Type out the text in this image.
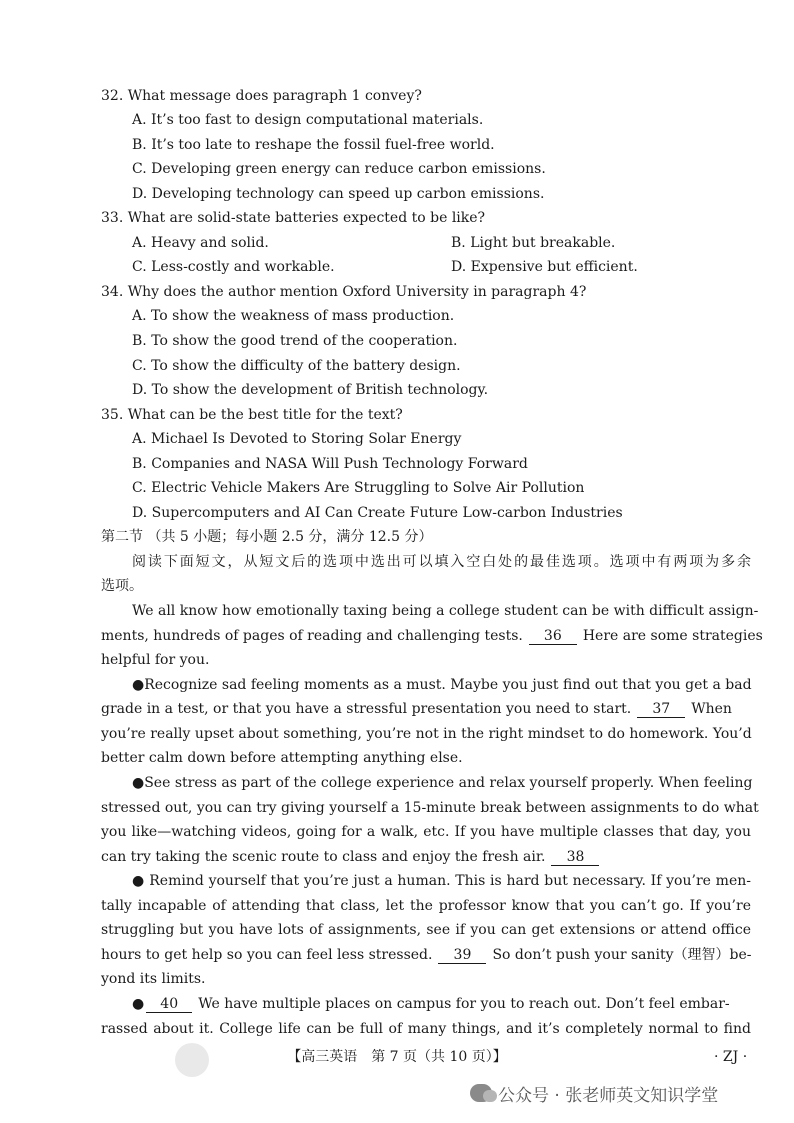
32. What message does paragraph 1 convey?
A. It’s too fast to design computational materials.
B. It’s too late to reshape the fossil fuel-free world.
C. Developing green energy can reduce carbon emissions.
D. Developing technology can speed up carbon emissions.
33. What are solid-state batteries expected to be like?
A. Heavy and solid.	B. Light but breakable.
C. Less-costly and workable.	D. Expensive but efficient.
34. Why does the author mention Oxford University in paragraph 4?
A. To show the weakness of mass production.
B. To show the good trend of the cooperation.
C. To show the difficulty of the battery design.
D. To show the development of British technology.
35. What can be the best title for the text?
A. Michael Is Devoted to Storing Solar Energy
B. Companies and NASA Will Push Technology Forward
C. Electric Vehicle Makers Are Struggling to Solve Air Pollution
D. Supercomputers and AI Can Create Future Low-carbon Industries
第二节 （共 5 小题；每小题 2.5 分，满分 12.5 分）
阅读下面短文，从短文后的选项中选出可以填入空白处的最佳选项。选项中有两项为多余
选项。
We all know how emotionally taxing being a college student can be with difficult assign-
ments, hundreds of pages of reading and challenging tests. 36 Here are some strategies
helpful for you.
●Recognize sad feeling moments as a must. Maybe you just find out that you get a bad
grade in a test, or that you have a stressful presentation you need to start. 37 When
you’re really upset about something, you’re not in the right mindset to do homework. You’d
better calm down before attempting anything else.
●See stress as part of the college experience and relax yourself properly. When feeling
stressed out, you can try giving yourself a 15-minute break between assignments to do what
you like—watching videos, going for a walk, etc. If you have multiple classes that day, you
can try taking the scenic route to class and enjoy the fresh air. 38
● Remind yourself that you’re just a human. This is hard but necessary. If you’re men-
tally incapable of attending that class, let the professor know that you can’t go. If you’re
struggling but you have lots of assignments, see if you can get extensions or attend office
hours to get help so you can feel less stressed. 39 So don’t push your sanity（理智）be-
yond its limits.
● 40 We have multiple places on campus for you to reach out. Don’t feel embar-
rassed about it. College life can be full of many things, and it’s completely normal to find
【高三英语　第 7 页（共 10 页）】	· ZJ ·
公众号 · 张老师英文知识学堂
